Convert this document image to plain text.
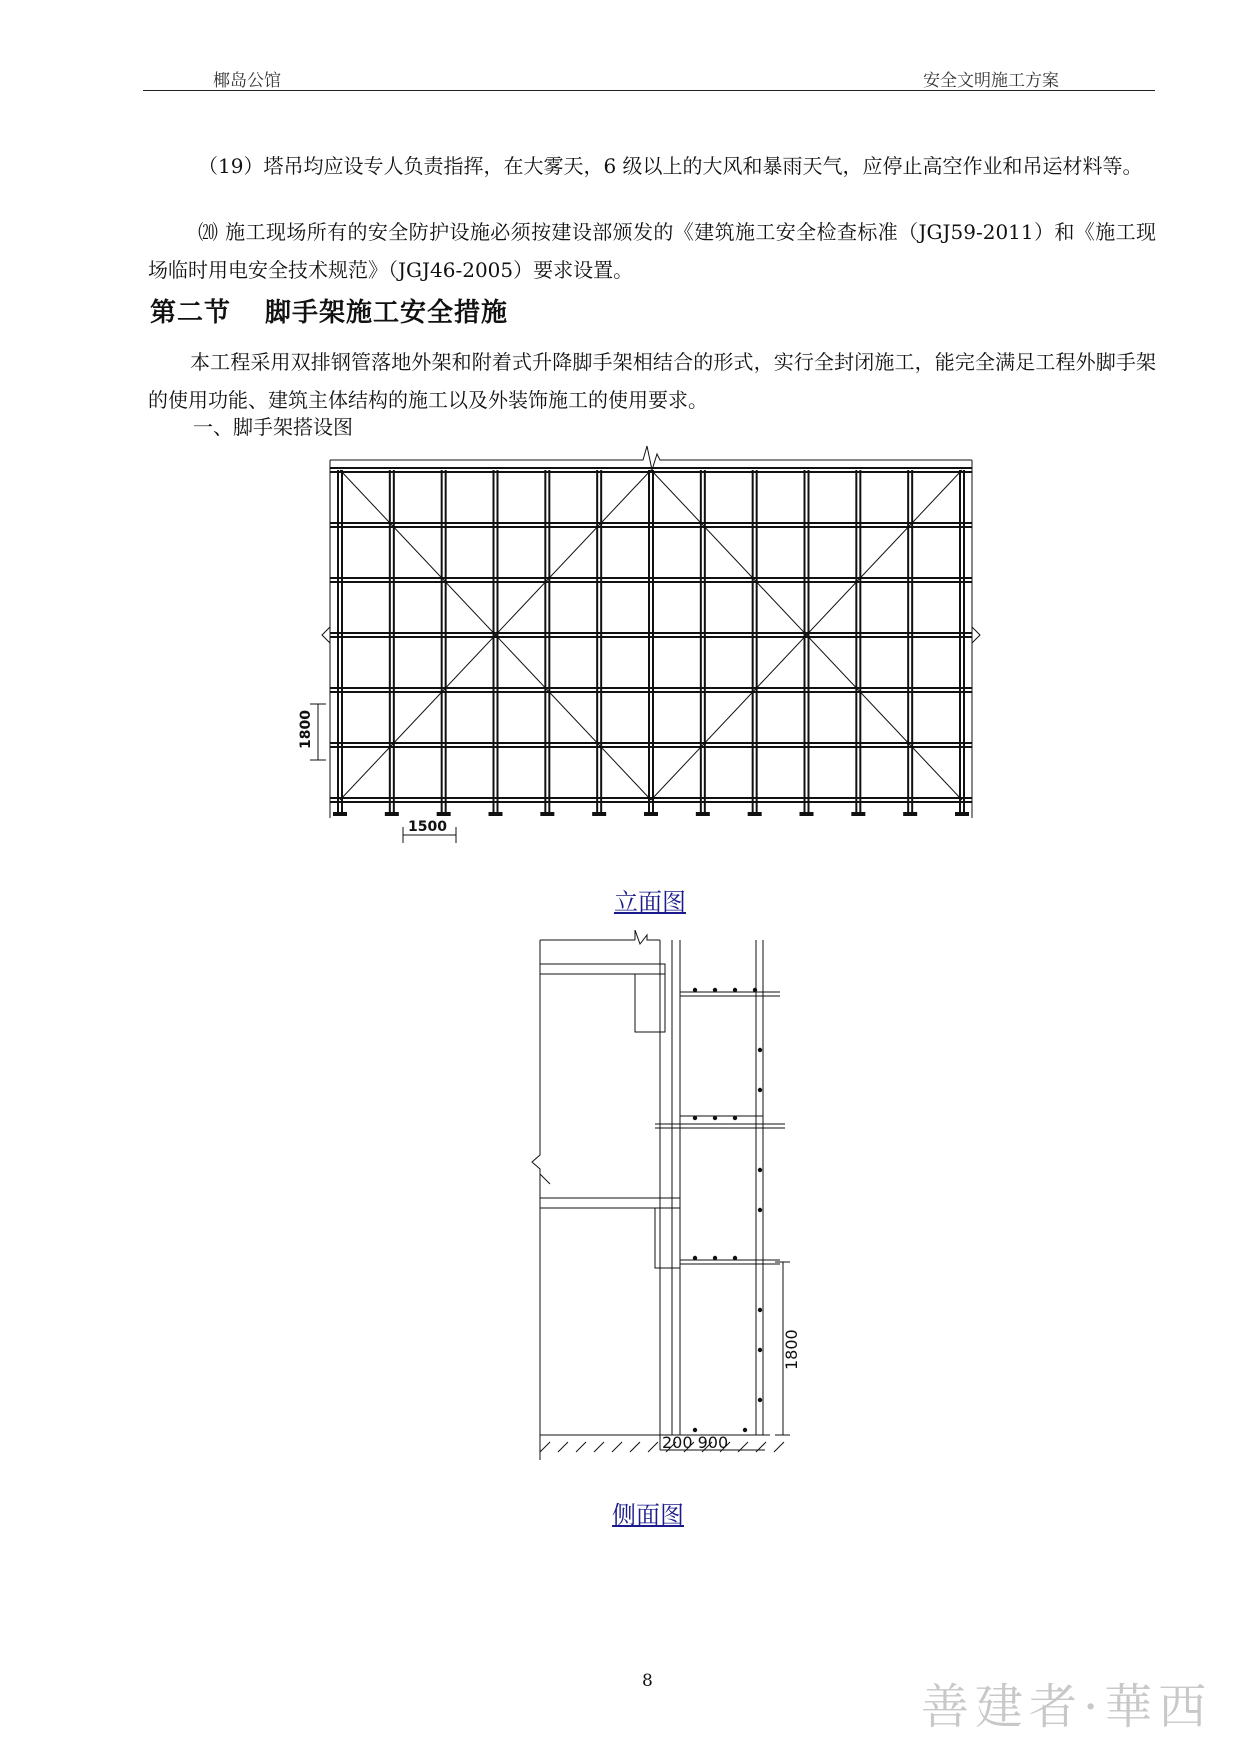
椰岛公馆	安全文明施工方案

（19）塔吊均应设专人负责指挥，在大雾天，6 级以上的大风和暴雨天气，应停止高空作业和吊运材料等。

⒇ 施工现场所有的安全防护设施必须按建设部颁发的《建筑施工安全检查标准（JGJ59-2011）和《施工现场临时用电安全技术规范》（JGJ46-2005）要求设置。

第二节 脚手架施工安全措施

本工程采用双排钢管落地外架和附着式升降脚手架相结合的形式，实行全封闭施工，能完全满足工程外脚手架的使用功能、建筑主体结构的施工以及外装饰施工的使用要求。

一、脚手架搭设图
1800
1500
立面图
1800
200 900
侧面图
8	善建者·華西
